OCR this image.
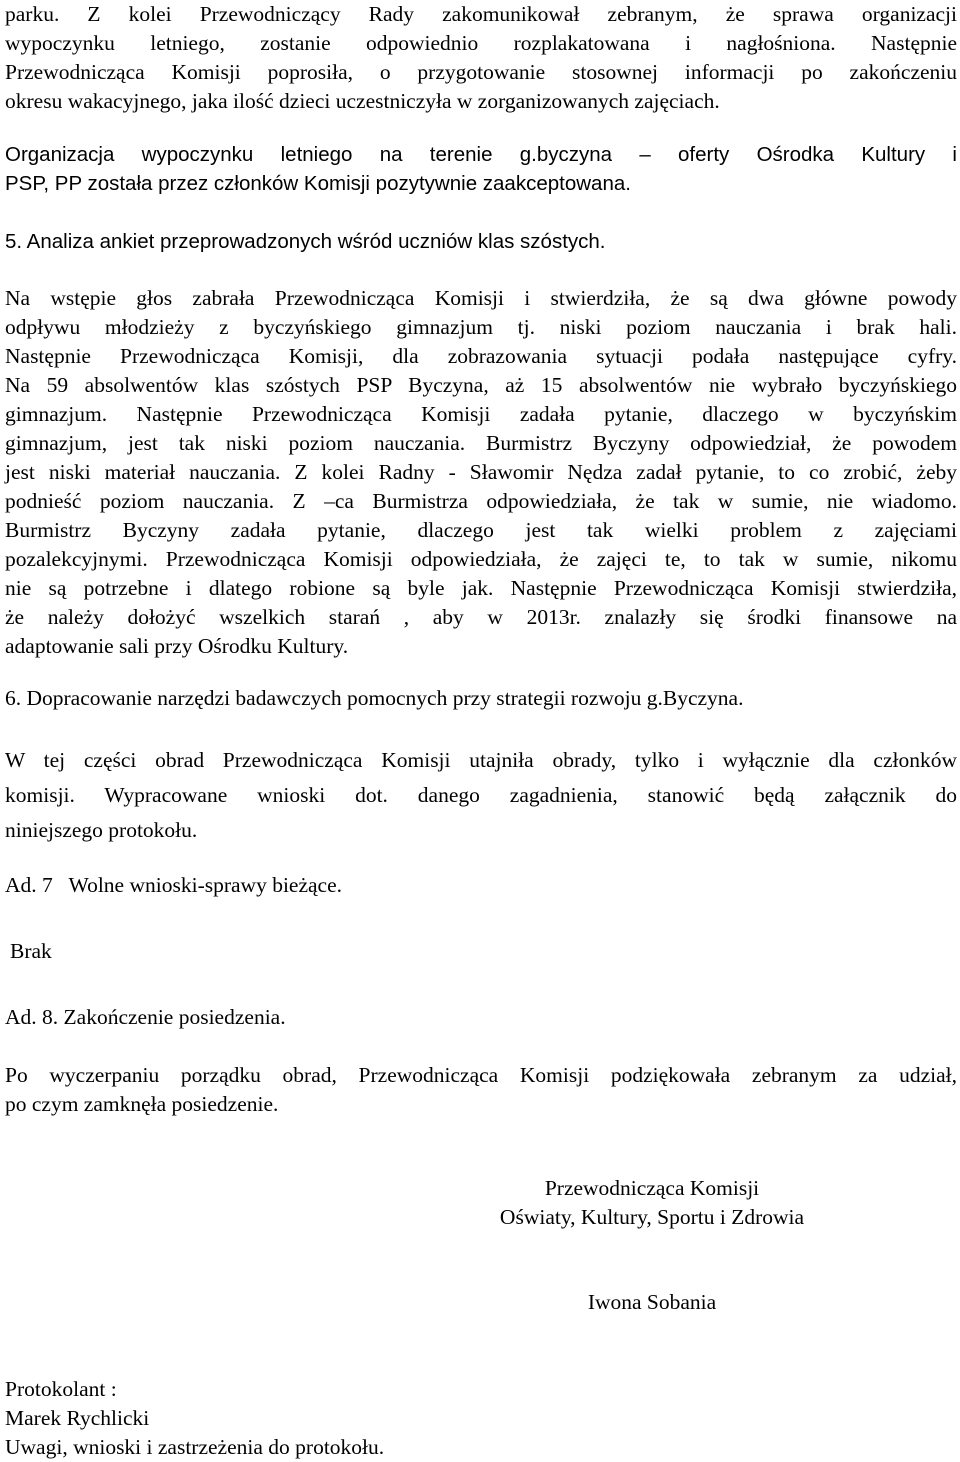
parku. Z kolei Przewodniczący Rady zakomunikował zebranym, że sprawa organizacji
wypoczynku letniego, zostanie odpowiednio rozplakatowana i nagłośniona. Następnie
Przewodnicząca Komisji poprosiła, o przygotowanie stosownej informacji po zakończeniu
okresu wakacyjnego, jaka ilość dzieci uczestniczyła w zorganizowanych zajęciach.
Organizacja wypoczynku letniego na terenie g.byczyna – oferty Ośrodka Kultury i
PSP, PP została przez członków Komisji pozytywnie zaakceptowana.
5. Analiza ankiet przeprowadzonych wśród uczniów klas szóstych.
Na wstępie głos zabrała Przewodnicząca Komisji i stwierdziła, że są dwa główne powody
odpływu młodzieży z byczyńskiego gimnazjum tj. niski poziom nauczania i brak hali.
Następnie Przewodnicząca Komisji, dla zobrazowania sytuacji podała następujące cyfry.
Na 59 absolwentów klas szóstych PSP Byczyna, aż 15 absolwentów nie wybrało byczyńskiego
gimnazjum. Następnie Przewodnicząca Komisji zadała pytanie, dlaczego w byczyńskim
gimnazjum, jest tak niski poziom nauczania. Burmistrz Byczyny odpowiedział, że powodem
jest niski materiał nauczania. Z kolei Radny - Sławomir Nędza zadał pytanie, to co zrobić, żeby
podnieść poziom nauczania. Z –ca Burmistrza odpowiedziała, że tak w sumie, nie wiadomo.
Burmistrz Byczyny zadała pytanie, dlaczego jest tak wielki problem z zajęciami
pozalekcyjnymi. Przewodnicząca Komisji odpowiedziała, że zajęci te, to tak w sumie, nikomu
nie są potrzebne i dlatego robione są byle jak. Następnie Przewodnicząca Komisji stwierdziła,
że należy dołożyć wszelkich starań , aby w 2013r. znalazły się środki finansowe na
adaptowanie sali przy Ośrodku Kultury.
6. Dopracowanie narzędzi badawczych pomocnych przy strategii rozwoju g.Byczyna.
W tej części obrad Przewodnicząca Komisji utajniła obrady, tylko i wyłącznie dla członków
komisji. Wypracowane wnioski dot. danego zagadnienia, stanowić będą załącznik do
niniejszego protokołu.
Ad. 7   Wolne wnioski-sprawy bieżące.
Brak
Ad. 8. Zakończenie posiedzenia.
Po wyczerpaniu porządku obrad, Przewodnicząca Komisji podziękowała zebranym za udział,
po czym zamknęła posiedzenie.
Przewodnicząca Komisji
Oświaty, Kultury, Sportu i Zdrowia
Iwona Sobania
Protokolant :
Marek Rychlicki
Uwagi, wnioski i zastrzeżenia do protokołu.
